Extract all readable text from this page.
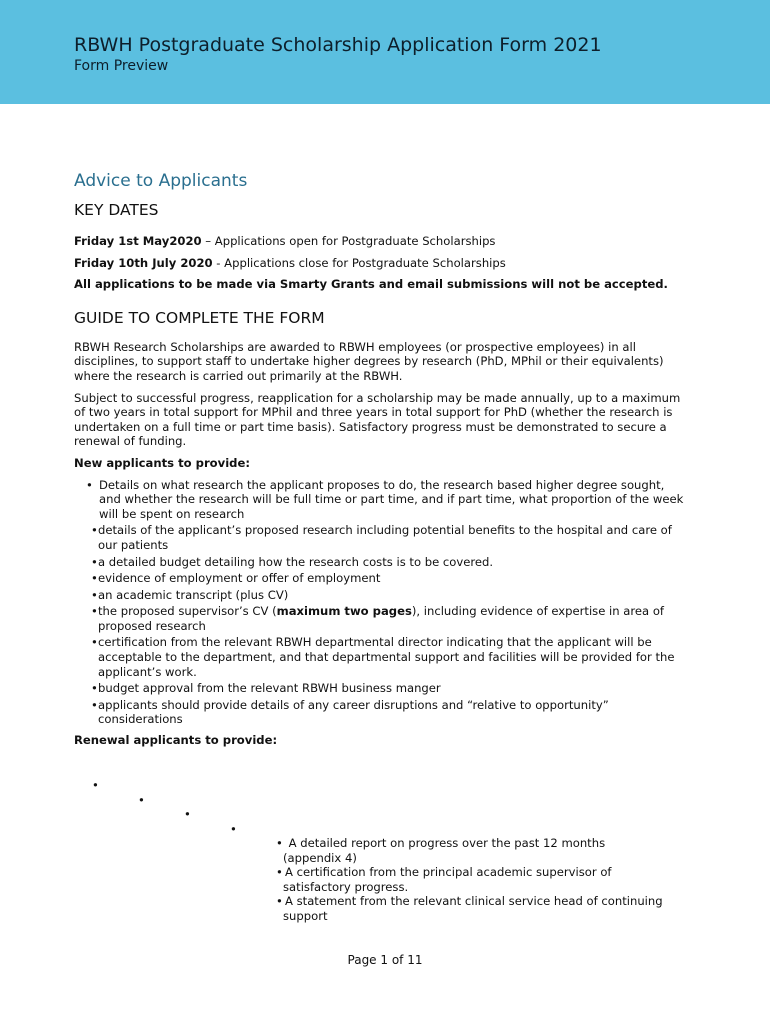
RBWH Postgraduate Scholarship Application Form 2021
Form Preview
Advice to Applicants
KEY DATES
Friday 1st May2020 – Applications open for Postgraduate Scholarships
Friday 10th July 2020 - Applications close for Postgraduate Scholarships
All applications to be made via Smarty Grants and email submissions will not be accepted.
GUIDE TO COMPLETE THE FORM
RBWH Research Scholarships are awarded to RBWH employees (or prospective employees) in all disciplines, to support staff to undertake higher degrees by research (PhD, MPhil or their equivalents) where the research is carried out primarily at the RBWH.
Subject to successful progress, reapplication for a scholarship may be made annually, up to a maximum of two years in total support for MPhil and three years in total support for PhD (whether the research is undertaken on a full time or part time basis). Satisfactory progress must be demonstrated to secure a renewal of funding.
New applicants to provide:
• Details on what research the applicant proposes to do, the research based higher degree sought, and whether the research will be full time or part time, and if part time, what proportion of the week will be spent on research
•details of the applicant’s proposed research including potential benefits to the hospital and care of our patients
•a detailed budget detailing how the research costs is to be covered.
•evidence of employment or offer of employment
•an academic transcript (plus CV)
•the proposed supervisor’s CV (maximum two pages), including evidence of expertise in area of proposed research
•certification from the relevant RBWH departmental director indicating that the applicant will be acceptable to the department, and that departmental support and facilities will be provided for the applicant’s work.
•budget approval from the relevant RBWH business manger
•applicants should provide details of any career disruptions and “relative to opportunity” considerations
Renewal applicants to provide:
•
•
•
•
• A detailed report on progress over the past 12 months (appendix 4)
• A certification from the principal academic supervisor of satisfactory progress.
• A statement from the relevant clinical service head of continuing support
Page 1 of 11
